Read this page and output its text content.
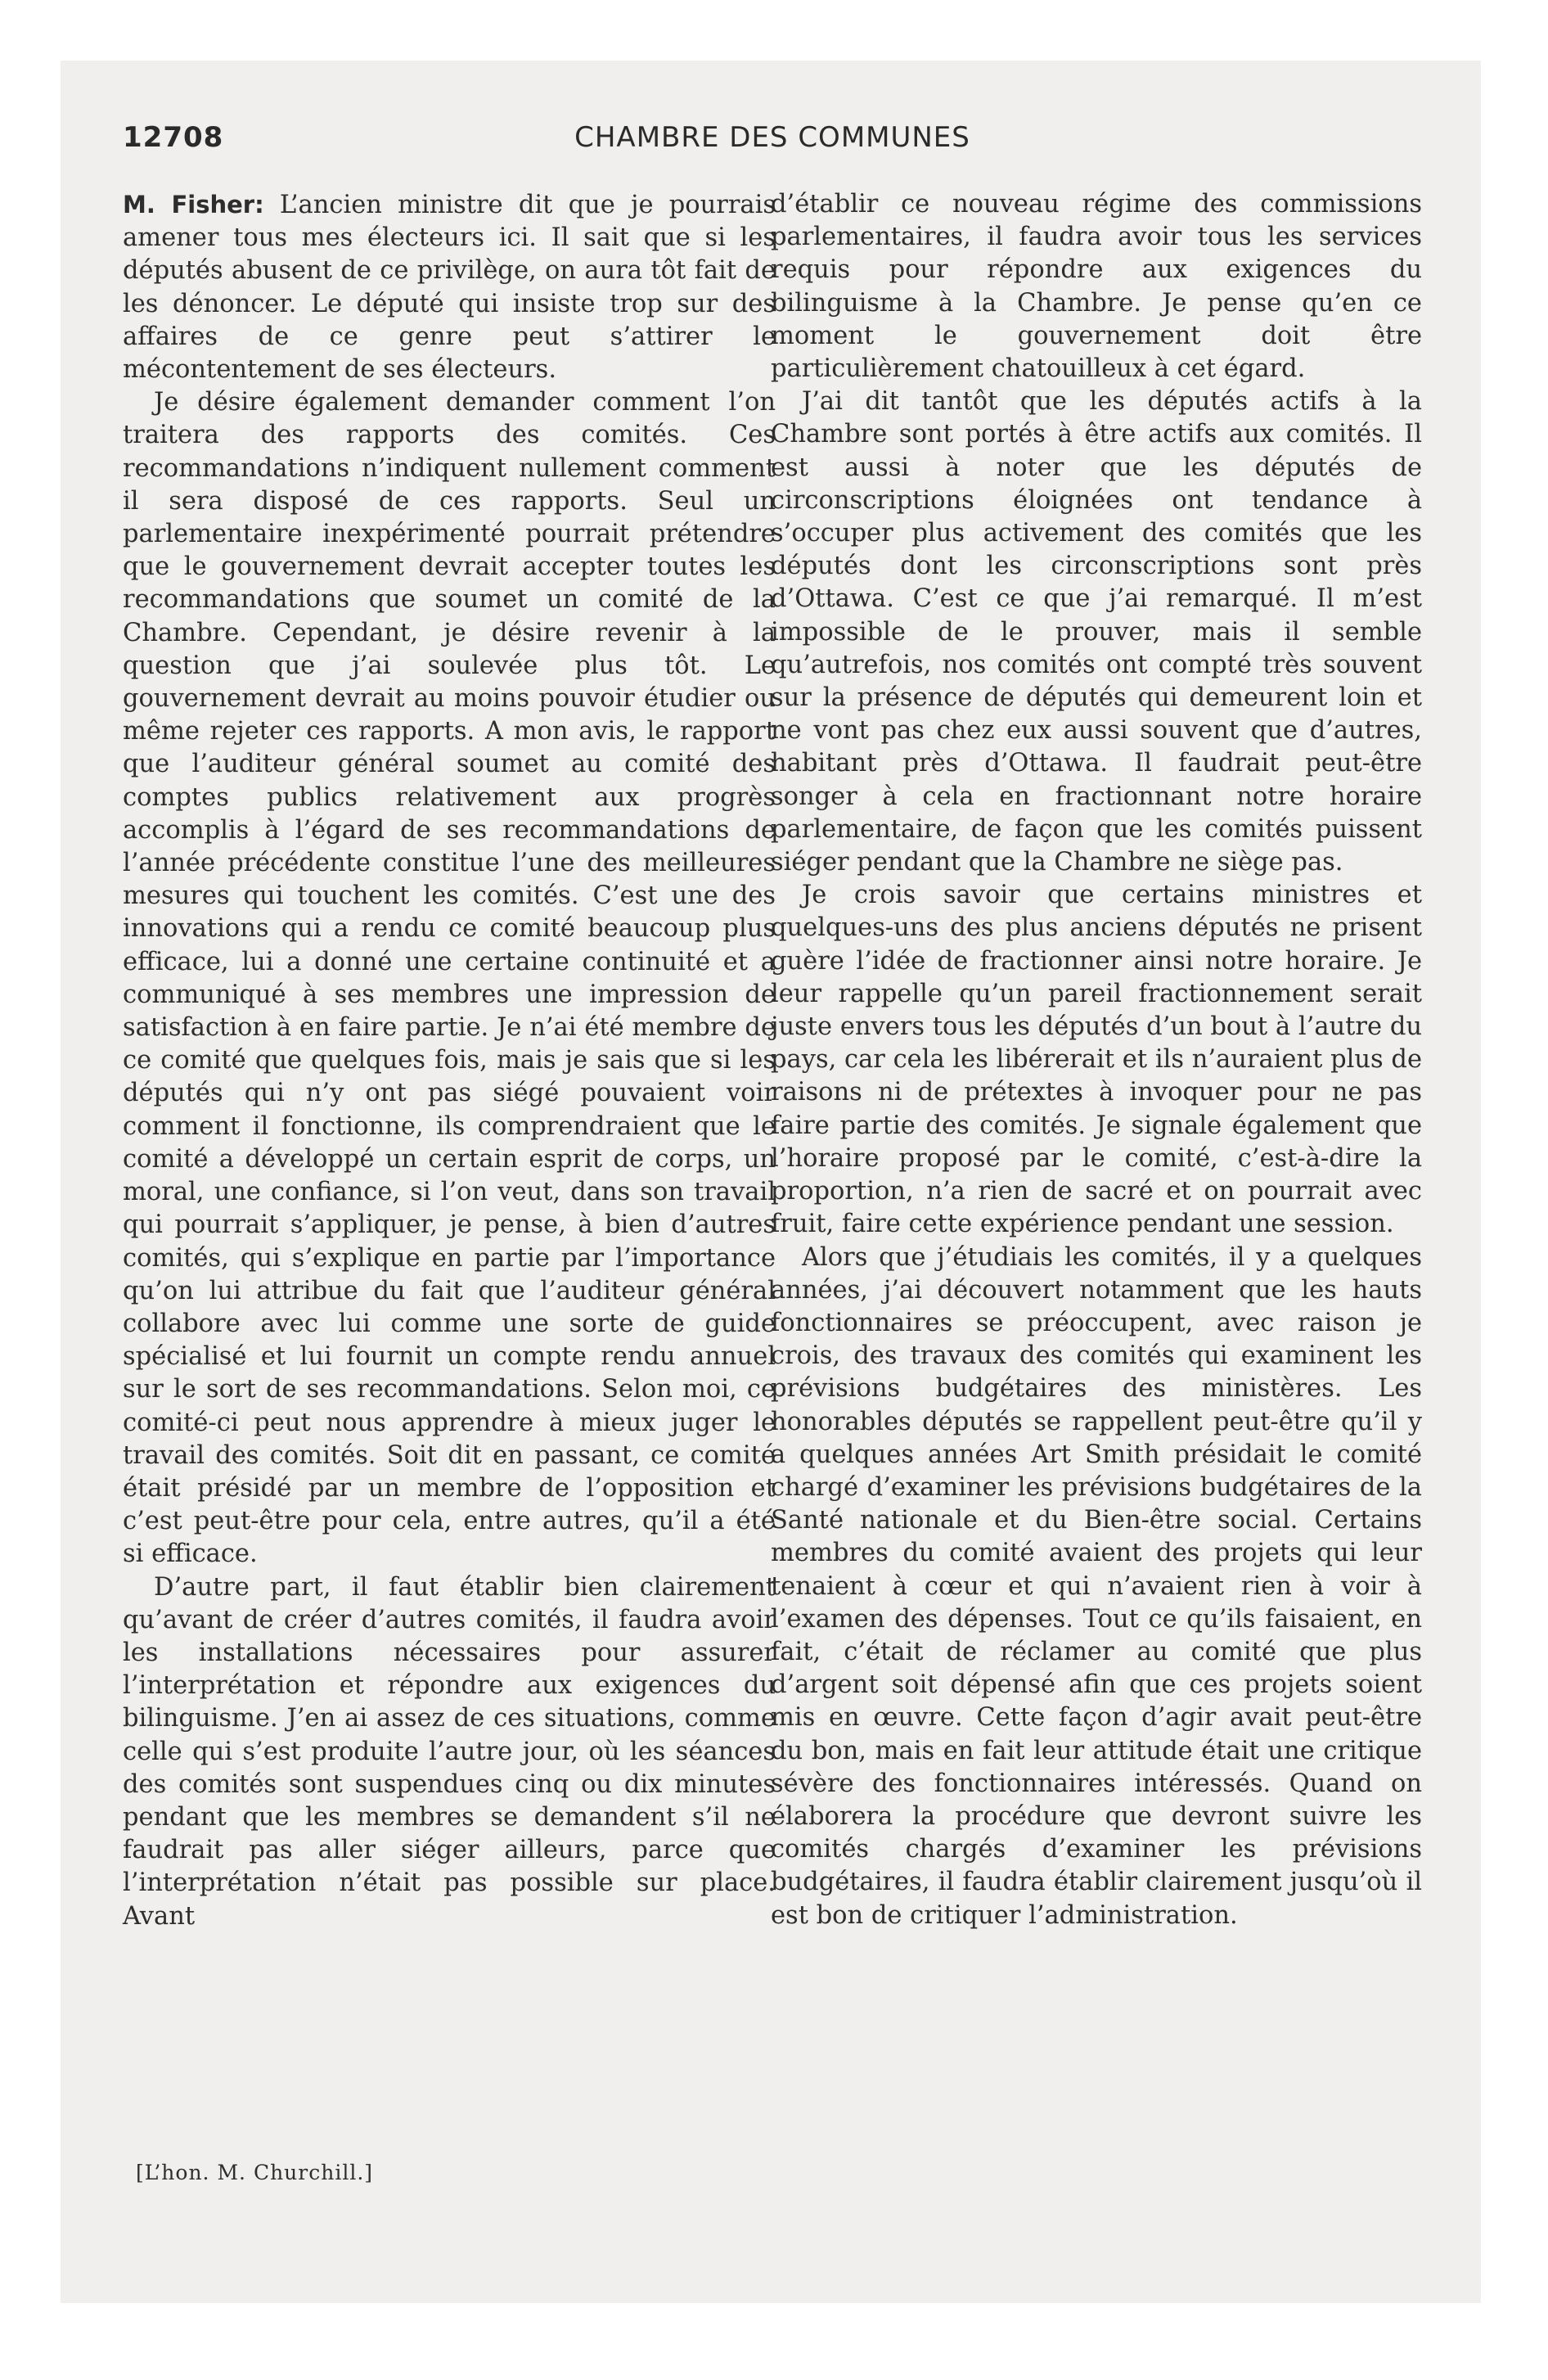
12708	CHAMBRE DES COMMUNES

M. Fisher: L’ancien ministre dit que je pourrais amener tous mes électeurs ici. Il sait que si les députés abusent de ce privilège, on aura tôt fait de les dénoncer. Le député qui insiste trop sur des affaires de ce genre peut s’attirer le mécontentement de ses électeurs.

Je désire également demander comment l’on traitera des rapports des comités. Ces recommandations n’indiquent nullement comment il sera disposé de ces rapports. Seul un parlementaire inexpérimenté pourrait prétendre que le gouvernement devrait accepter toutes les recommandations que soumet un comité de la Chambre. Cependant, je désire revenir à la question que j’ai soulevée plus tôt. Le gouvernement devrait au moins pouvoir étudier ou même rejeter ces rapports. A mon avis, le rapport que l’auditeur général soumet au comité des comptes publics relativement aux progrès accomplis à l’égard de ses recommandations de l’année précédente constitue l’une des meilleures mesures qui touchent les comités. C’est une des innovations qui a rendu ce comité beaucoup plus efficace, lui a donné une certaine continuité et a communiqué à ses membres une impression de satisfaction à en faire partie. Je n’ai été membre de ce comité que quelques fois, mais je sais que si les députés qui n’y ont pas siégé pouvaient voir comment il fonctionne, ils comprendraient que le comité a développé un certain esprit de corps, un moral, une confiance, si l’on veut, dans son travail qui pourrait s’appliquer, je pense, à bien d’autres comités, qui s’explique en partie par l’importance qu’on lui attribue du fait que l’auditeur général collabore avec lui comme une sorte de guide spécialisé et lui fournit un compte rendu annuel sur le sort de ses recommandations. Selon moi, ce comité-ci peut nous apprendre à mieux juger le travail des comités. Soit dit en passant, ce comité était présidé par un membre de l’opposition et c’est peut-être pour cela, entre autres, qu’il a été si efficace.

D’autre part, il faut établir bien clairement qu’avant de créer d’autres comités, il faudra avoir les installations nécessaires pour assurer l’interprétation et répondre aux exigences du bilinguisme. J’en ai assez de ces situations, comme celle qui s’est produite l’autre jour, où les séances des comités sont suspendues cinq ou dix minutes pendant que les membres se demandent s’il ne faudrait pas aller siéger ailleurs, parce que l’interprétation n’était pas possible sur place. Avant

d’établir ce nouveau régime des commissions parlementaires, il faudra avoir tous les services requis pour répondre aux exigences du bilinguisme à la Chambre. Je pense qu’en ce moment le gouvernement doit être particulièrement chatouilleux à cet égard.

J’ai dit tantôt que les députés actifs à la Chambre sont portés à être actifs aux comités. Il est aussi à noter que les députés de circonscriptions éloignées ont tendance à s’occuper plus activement des comités que les députés dont les circonscriptions sont près d’Ottawa. C’est ce que j’ai remarqué. Il m’est impossible de le prouver, mais il semble qu’autrefois, nos comités ont compté très souvent sur la présence de députés qui demeurent loin et ne vont pas chez eux aussi souvent que d’autres, habitant près d’Ottawa. Il faudrait peut-être songer à cela en fractionnant notre horaire parlementaire, de façon que les comités puissent siéger pendant que la Chambre ne siège pas.

Je crois savoir que certains ministres et quelques-uns des plus anciens députés ne prisent guère l’idée de fractionner ainsi notre horaire. Je leur rappelle qu’un pareil fractionnement serait juste envers tous les députés d’un bout à l’autre du pays, car cela les libérerait et ils n’auraient plus de raisons ni de prétextes à invoquer pour ne pas faire partie des comités. Je signale également que l’horaire proposé par le comité, c’est-à-dire la proportion, n’a rien de sacré et on pourrait avec fruit, faire cette expérience pendant une session.

Alors que j’étudiais les comités, il y a quelques années, j’ai découvert notamment que les hauts fonctionnaires se préoccupent, avec raison je crois, des travaux des comités qui examinent les prévisions budgétaires des ministères. Les honorables députés se rappellent peut-être qu’il y a quelques années Art Smith présidait le comité chargé d’examiner les prévisions budgétaires de la Santé nationale et du Bien-être social. Certains membres du comité avaient des projets qui leur tenaient à cœur et qui n’avaient rien à voir à l’examen des dépenses. Tout ce qu’ils faisaient, en fait, c’était de réclamer au comité que plus d’argent soit dépensé afin que ces projets soient mis en œuvre. Cette façon d’agir avait peut-être du bon, mais en fait leur attitude était une critique sévère des fonctionnaires intéressés. Quand on élaborera la procédure que devront suivre les comités chargés d’examiner les prévisions budgétaires, il faudra établir clairement jusqu’où il est bon de critiquer l’administration.

[L’hon. M. Churchill.]
